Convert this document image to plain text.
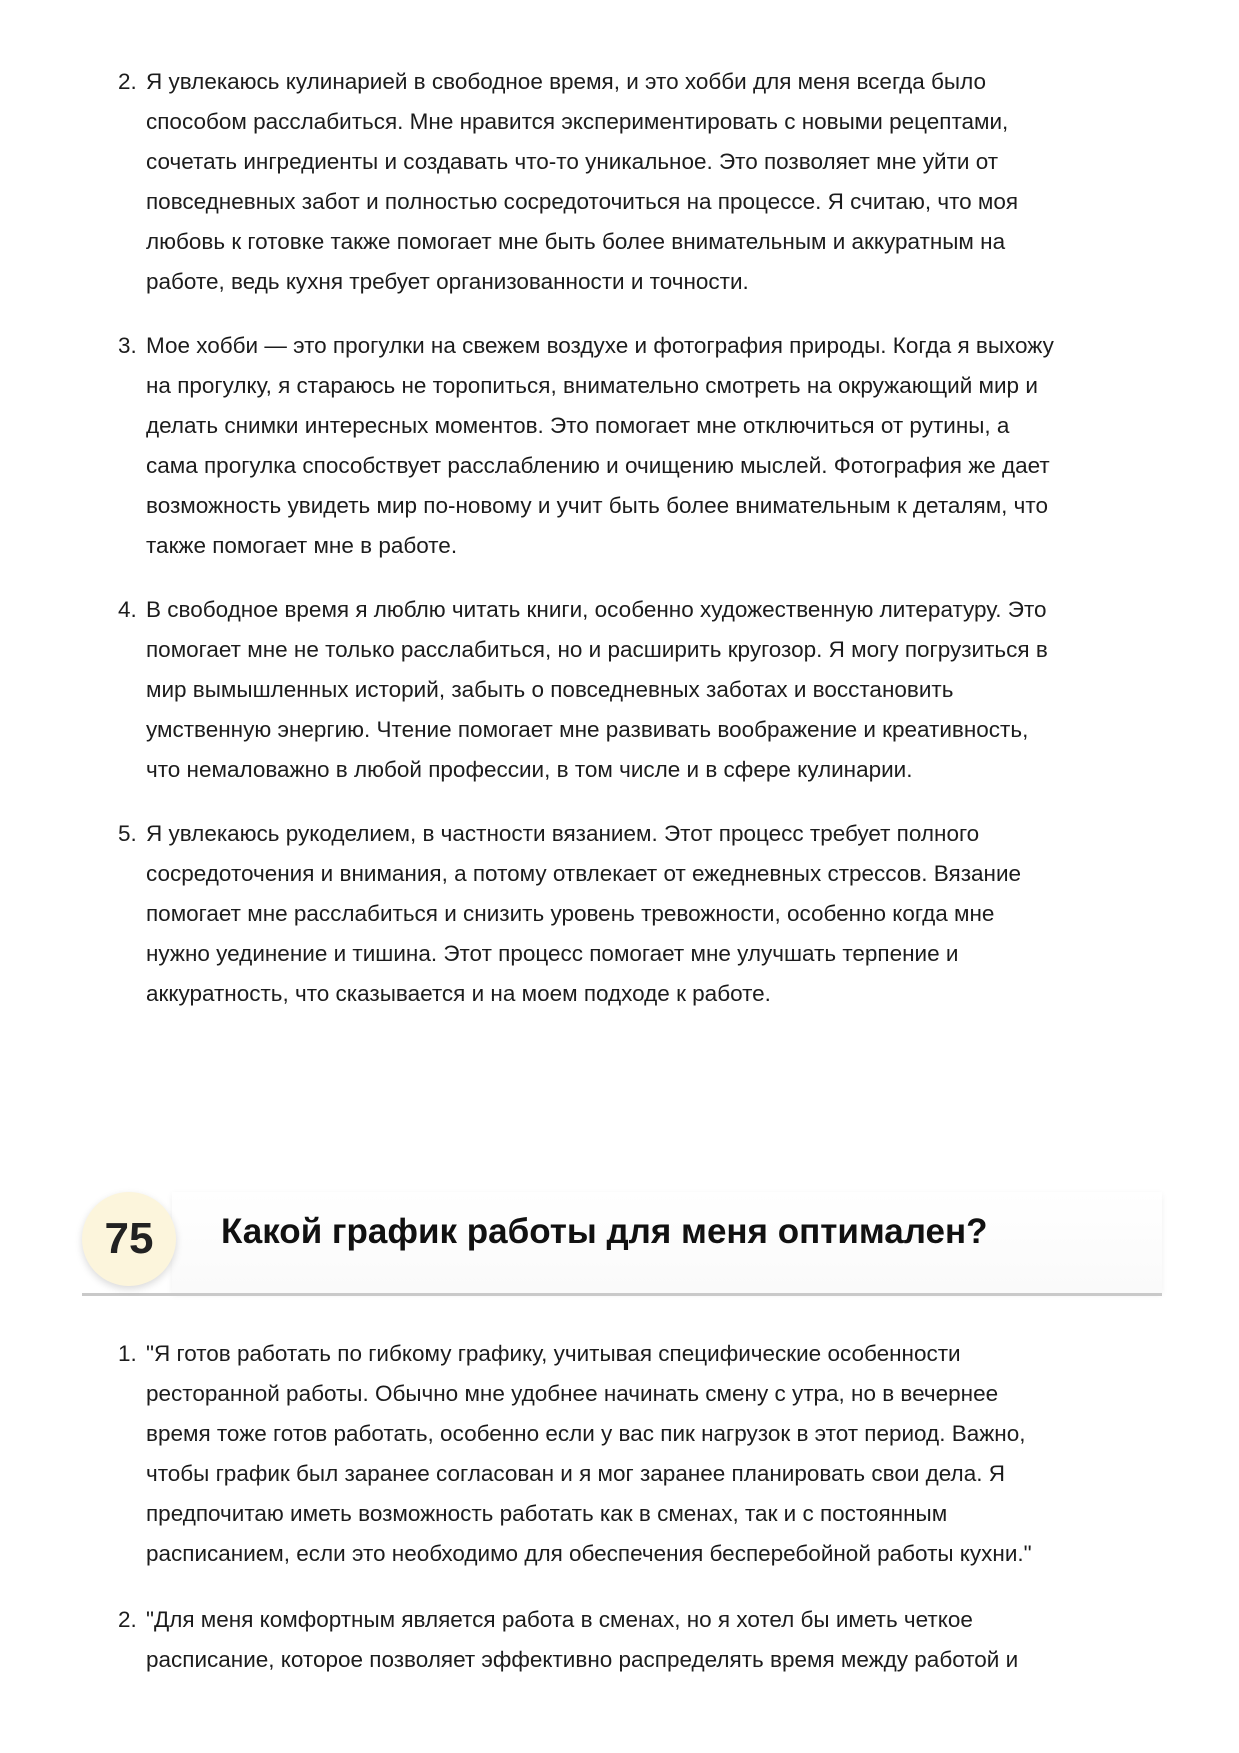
2. Я увлекаюсь кулинарией в свободное время, и это хобби для меня всегда было
способом расслабиться. Мне нравится экспериментировать с новыми рецептами,
сочетать ингредиенты и создавать что-то уникальное. Это позволяет мне уйти от
повседневных забот и полностью сосредоточиться на процессе. Я считаю, что моя
любовь к готовке также помогает мне быть более внимательным и аккуратным на
работе, ведь кухня требует организованности и точности.
3. Мое хобби — это прогулки на свежем воздухе и фотография природы. Когда я выхожу
на прогулку, я стараюсь не торопиться, внимательно смотреть на окружающий мир и
делать снимки интересных моментов. Это помогает мне отключиться от рутины, а
сама прогулка способствует расслаблению и очищению мыслей. Фотография же дает
возможность увидеть мир по-новому и учит быть более внимательным к деталям, что
также помогает мне в работе.
4. В свободное время я люблю читать книги, особенно художественную литературу. Это
помогает мне не только расслабиться, но и расширить кругозор. Я могу погрузиться в
мир вымышленных историй, забыть о повседневных заботах и восстановить
умственную энергию. Чтение помогает мне развивать воображение и креативность,
что немаловажно в любой профессии, в том числе и в сфере кулинарии.
5. Я увлекаюсь рукоделием, в частности вязанием. Этот процесс требует полного
сосредоточения и внимания, а потому отвлекает от ежедневных стрессов. Вязание
помогает мне расслабиться и снизить уровень тревожности, особенно когда мне
нужно уединение и тишина. Этот процесс помогает мне улучшать терпение и
аккуратность, что сказывается и на моем подходе к работе.
75	Какой график работы для меня оптимален?
1. "Я готов работать по гибкому графику, учитывая специфические особенности
ресторанной работы. Обычно мне удобнее начинать смену с утра, но в вечернее
время тоже готов работать, особенно если у вас пик нагрузок в этот период. Важно,
чтобы график был заранее согласован и я мог заранее планировать свои дела. Я
предпочитаю иметь возможность работать как в сменах, так и с постоянным
расписанием, если это необходимо для обеспечения бесперебойной работы кухни."
2. "Для меня комфортным является работа в сменах, но я хотел бы иметь четкое
расписание, которое позволяет эффективно распределять время между работой и
